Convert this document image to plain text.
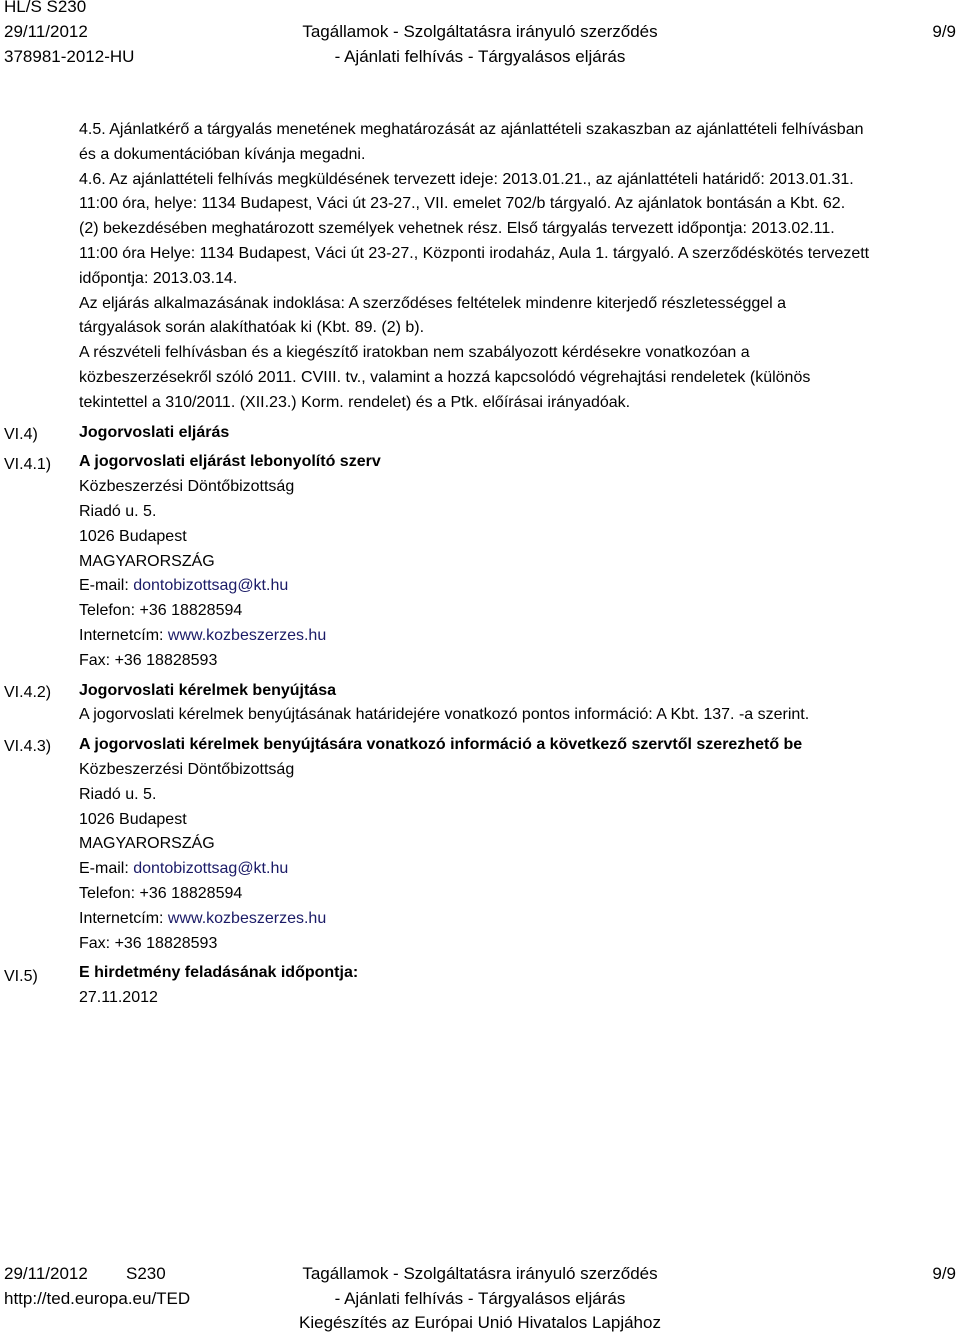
HL/S S230
29/11/2012
378981-2012-HU
Tagállamok - Szolgáltatásra irányuló szerződés
- Ajánlati felhívás - Tárgyalásos eljárás
9/9
VI.4)
VI.4.1)
VI.4.2)
VI.4.3)
VI.5)

4.5. Ajánlatkérő a tárgyalás menetének meghatározását az ajánlattételi szakaszban az ajánlattételi felhívásban

és a dokumentációban kívánja megadni.

4.6. Az ajánlattételi felhívás megküldésének tervezett ideje: 2013.01.21., az ajánlattételi határidő: 2013.01.31.

11:00 óra, helye: 1134 Budapest, Váci út 23-27., VII. emelet 702/b tárgyaló. Az ajánlatok bontásán a Kbt. 62.

(2) bekezdésében meghatározott személyek vehetnek rész. Első tárgyalás tervezett időpontja: 2013.02.11.

11:00 óra Helye: 1134 Budapest, Váci út 23-27., Központi irodaház, Aula 1. tárgyaló. A szerződéskötés tervezett

időpontja: 2013.03.14.

Az eljárás alkalmazásának indoklása: A szerződéses feltételek mindenre kiterjedő részletességgel a

tárgyalások során alakíthatóak ki (Kbt. 89. (2) b).

A részvételi felhívásban és a kiegészítő iratokban nem szabályozott kérdésekre vonatkozóan a

közbeszerzésekről szóló 2011. CVIII. tv., valamint a hozzá kapcsolódó végrehajtási rendeletek (különös

tekintettel a 310/2011. (XII.23.) Korm. rendelet) és a Ptk. előírásai irányadóak.

Jogorvoslati eljárás

A jogorvoslati eljárást lebonyolító szerv

Közbeszerzési Döntőbizottság

Riadó u. 5.

1026 Budapest

MAGYARORSZÁG

E-mail: dontobizottsag@kt.hu

Telefon: +36 18828594

Internetcím: www.kozbeszerzes.hu

Fax: +36 18828593

Jogorvoslati kérelmek benyújtása

A jogorvoslati kérelmek benyújtásának határidejére vonatkozó pontos információ: A Kbt. 137. -a szerint.

A jogorvoslati kérelmek benyújtására vonatkozó információ a következő szervtől szerezhető be

Közbeszerzési Döntőbizottság

Riadó u. 5.

1026 Budapest

MAGYARORSZÁG

E-mail: dontobizottsag@kt.hu

Telefon: +36 18828594

Internetcím: www.kozbeszerzes.hu

Fax: +36 18828593

E hirdetmény feladásának időpontja:

27.11.2012

29/11/2012 S230
http://ted.europa.eu/TED
Tagállamok - Szolgáltatásra irányuló szerződés
- Ajánlati felhívás - Tárgyalásos eljárás
Kiegészítés az Európai Unió Hivatalos Lapjához
9/9
